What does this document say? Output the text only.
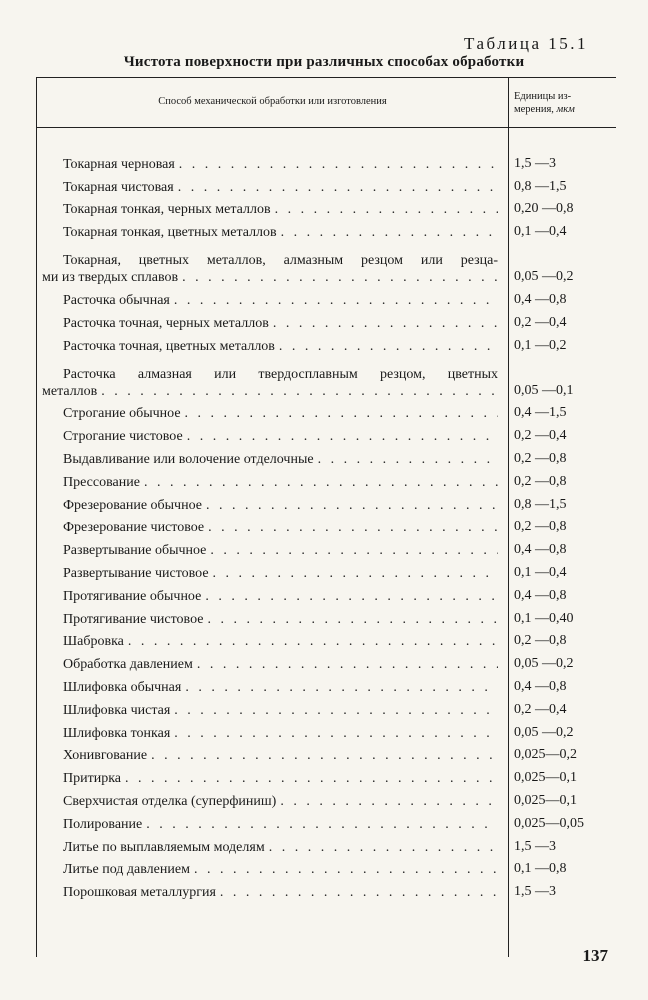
Таблица 15.1

Чистота поверхности при различных способах обработки
Способ механической обработки или изготовления	Единицы из-
мерения, мкм

Токарная черновая
. . .	1,5 —3

Токарная чистовая
. . .	0,8 —1,5

Токарная тонкая, черных металлов
. . .	0,20 —0,8

Токарная тонкая, цветных металлов
. . .	0,1 —0,4

Токарная, цветных металлов, алмазным резцом или резца-
ми из твердых сплавов
. . .	0,05 —0,2

Расточка обычная
. . .	0,4 —0,8

Расточка точная, черных металлов
. . .	0,2 —0,4

Расточка точная, цветных металлов
. . .	0,1 —0,2

Расточка алмазная или твердосплавным резцом, цветных
металлов
. . .	0,05 —0,1

Строгание обычное
. . .	0,4 —1,5

Строгание чистовое
. . .	0,2 —0,4

Выдавливание или волочение отделочные
. . .	0,2 —0,8

Прессование
. . .	0,2 —0,8

Фрезерование обычное
. . .	0,8 —1,5

Фрезерование чистовое
. . .	0,2 —0,8

Развертывание обычное
. . .	0,4 —0,8

Развертывание чистовое
. . .	0,1 —0,4

Протягивание обычное
. . .	0,4 —0,8

Протягивание чистовое
. . .	0,1 —0,40

Шабровка
. . .	0,2 —0,8

Обработка давлением
. . .	0,05 —0,2

Шлифовка обычная
. . .	0,4 —0,8

Шлифовка чистая
. . .	0,2 —0,4

Шлифовка тонкая
. . .	0,05 —0,2

Хонивгование
. . .	0,025—0,2

Притирка
. . .	0,025—0,1

Сверхчистая отделка (суперфиниш)
. . .	0,025—0,1

Полирование
. . .	0,025—0,05

Литье по выплавляемым моделям
. . .	1,5 —3

Литье под давлением
. . .	0,1 —0,8

Порошковая металлургия
. . .	1,5 —3

137
